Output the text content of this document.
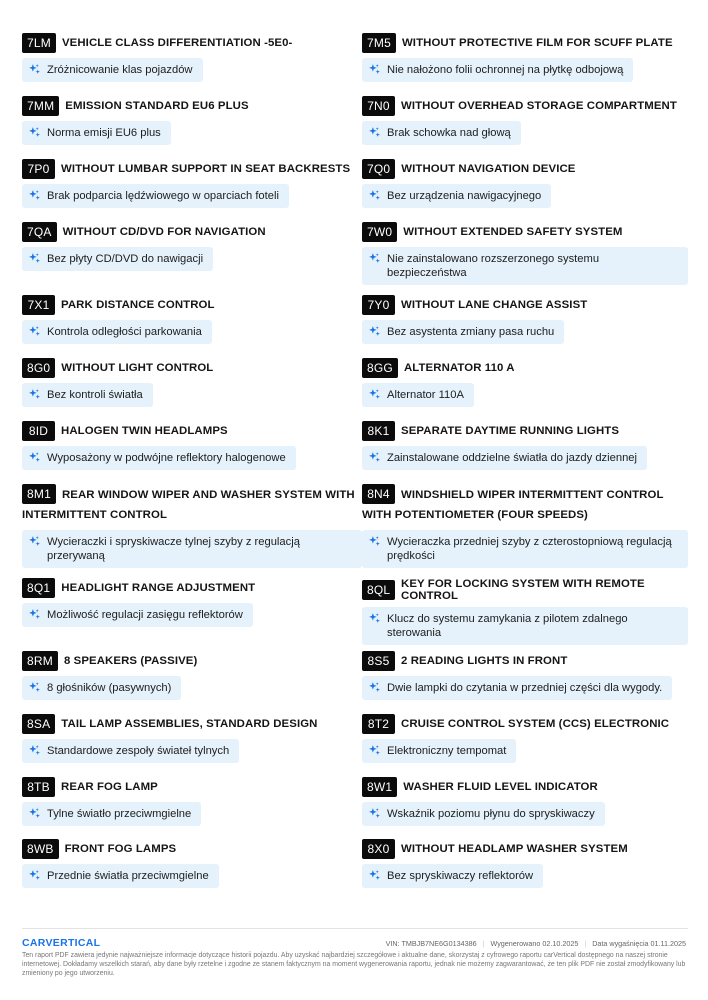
7LM VEHICLE CLASS DIFFERENTIATION -5E0-
Zróżnicowanie klas pojazdów
7M5 WITHOUT PROTECTIVE FILM FOR SCUFF PLATE
Nie nałożono folii ochronnej na płytkę odbojową
7MM EMISSION STANDARD EU6 PLUS
Norma emisji EU6 plus
7N0 WITHOUT OVERHEAD STORAGE COMPARTMENT
Brak schowka nad głową
7P0	WITHOUT LUMBAR SUPPORT IN SEAT BACKRESTS
Brak podparcia lędźwiowego w oparciach foteli
7Q0 WITHOUT NAVIGATION DEVICE
Bez urządzenia nawigacyjnego
7QA WITHOUT CD/DVD FOR NAVIGATION
Bez płyty CD/DVD do nawigacji
7W0 WITHOUT EXTENDED SAFETY SYSTEM
Nie zainstalowano rozszerzonego systemu bezpieczeństwa
7X1	PARK DISTANCE CONTROL
Kontrola odległości parkowania
7Y0	WITHOUT LANE CHANGE ASSIST
Bez asystenta zmiany pasa ruchu
8G0 WITHOUT LIGHT CONTROL
Bez kontroli światła
8GG ALTERNATOR 110 A
Alternator 110A
8ID	HALOGEN TWIN HEADLAMPS
Wyposażony w podwójne reflektory halogenowe
8K1	SEPARATE DAYTIME RUNNING LIGHTS
Zainstalowane oddzielne światła do jazdy dziennej
8M1 REAR WINDOW WIPER AND WASHER SYSTEM WITH INTERMITTENT CONTROL
Wycieraczki i spryskiwacze tylnej szyby z regulacją przerywaną
8N4 WINDSHIELD WIPER INTERMITTENT CONTROL WITH POTENTIOMETER (FOUR SPEEDS)
Wycieraczka przedniej szyby z czterostopniową regulacją prędkości
8Q1 HEADLIGHT RANGE ADJUSTMENT
Możliwość regulacji zasięgu reflektorów
8QL KEY FOR LOCKING SYSTEM WITH REMOTE CONTROL
Klucz do systemu zamykania z pilotem zdalnego sterowania
8RM 8 SPEAKERS (PASSIVE)
8 głośników (pasywnych)
8S5	2 READING LIGHTS IN FRONT
Dwie lampki do czytania w przedniej części dla wygody.
8SA TAIL LAMP ASSEMBLIES, STANDARD DESIGN
Standardowe zespoły świateł tylnych
8T2	CRUISE CONTROL SYSTEM (CCS) ELECTRONIC
Elektroniczny tempomat
8TB REAR FOG LAMP
Tylne światło przeciwmgielne
8W1 WASHER FLUID LEVEL INDICATOR
Wskaźnik poziomu płynu do spryskiwaczy
8WB FRONT FOG LAMPS
Przednie światła przeciwmgielne
8X0	WITHOUT HEADLAMP WASHER SYSTEM
Bez spryskiwaczy reflektorów
CARVERTICAL	VIN: TMBJB7NE6G0134386 | Wygenerowano 02.10.2025 | Data wygaśnięcia 01.11.2025
Ten raport PDF zawiera jedynie najważniejsze informacje dotyczące historii pojazdu. Aby uzyskać najbardziej szczegółowe i aktualne dane, skorzystaj z cyfrowego raportu carVertical dostępnego na naszej stronie internetowej. Dokładamy wszelkich starań, aby dane były rzetelne i zgodne ze stanem faktycznym na moment wygenerowania raportu, jednak nie możemy zagwarantować, że ten plik PDF nie został zmodyfikowany lub zmieniony po jego utworzeniu.
